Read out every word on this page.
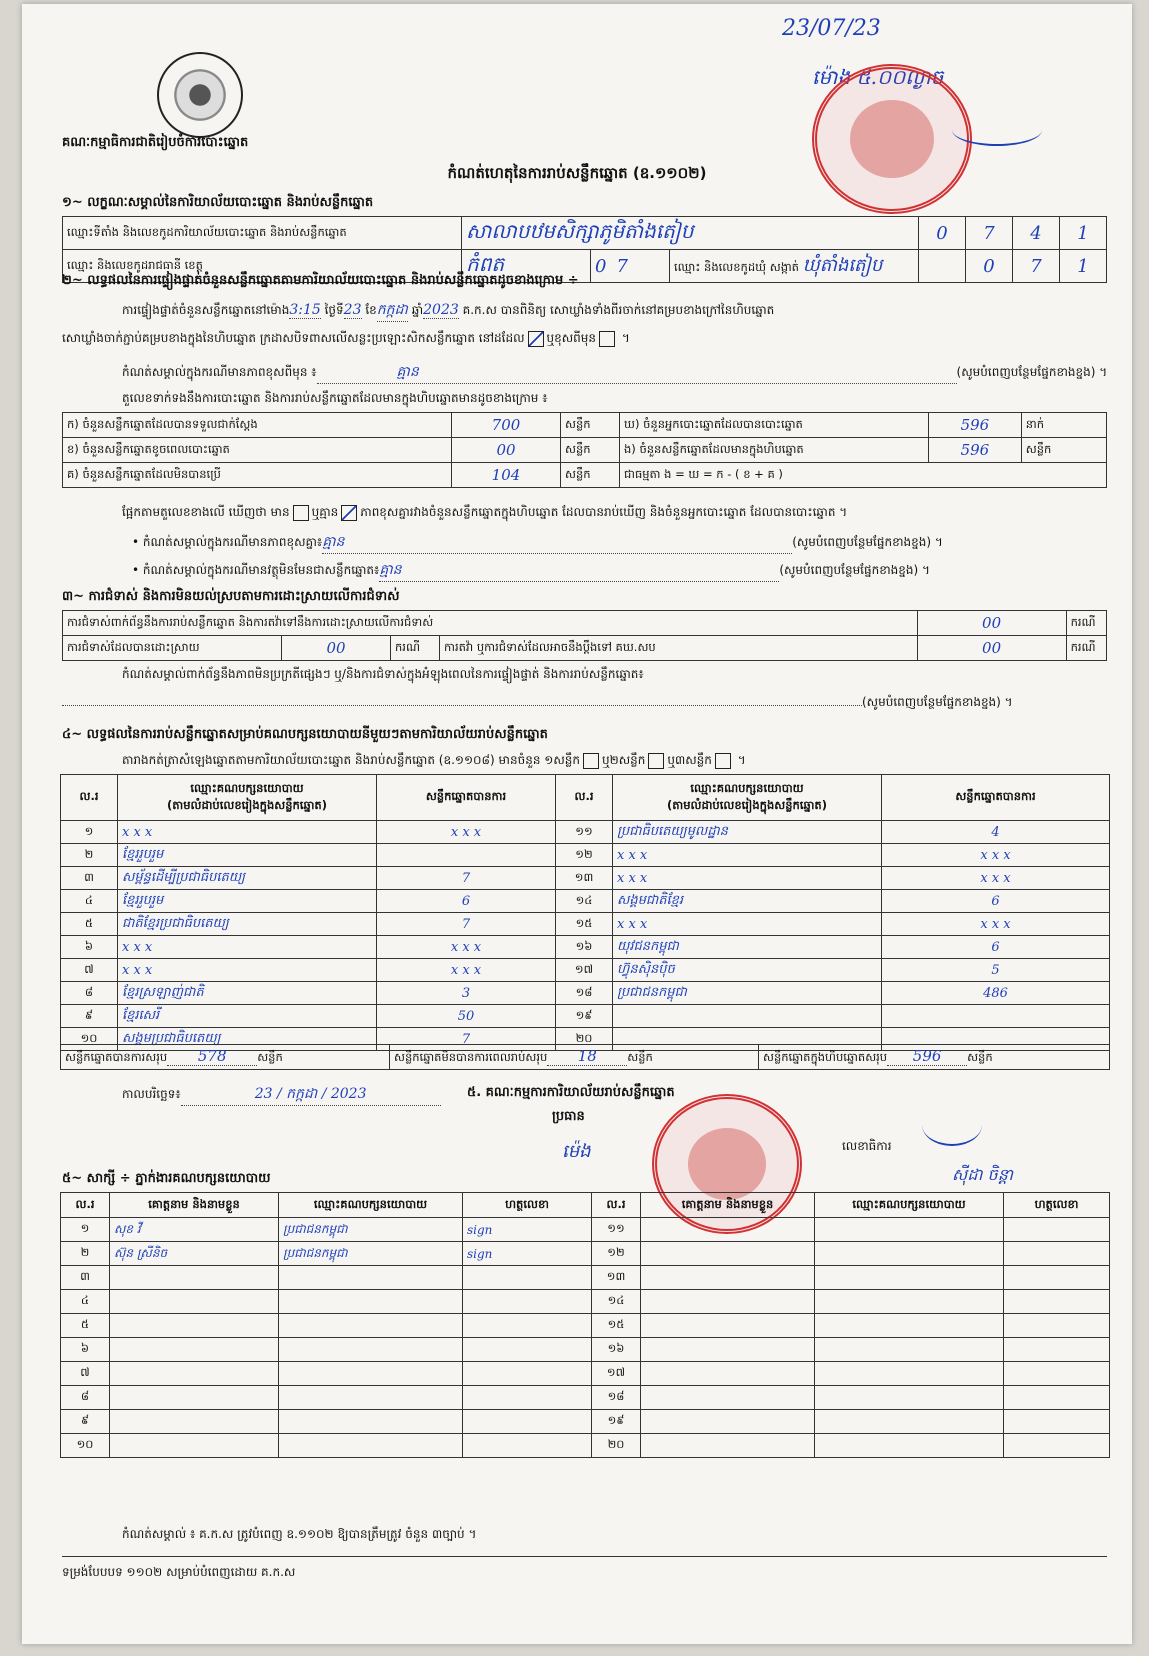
23/07/23
ម៉ោង ៥.០០ល្ងាច
គណៈកម្មាធិការជាតិរៀបចំការបោះឆ្នោត
កំណត់ហេតុនៃការរាប់សន្លឹកឆ្នោត (ឧ.១១០២)
១~ លក្ខណៈសម្គាល់នៃការិយាល័យបោះឆ្នោត និងរាប់សន្លឹកឆ្នោត
ឈ្មោះទីតាំង និងលេខកូដការិយាល័យបោះឆ្នោត និងរាប់សន្លឹកឆ្នោត	សាលាបឋមសិក្សាភូមិតាំងតៀប			0	7	4	1
ឈ្មោះ និងលេខកូដរាជធានី ខេត្ត	កំពត	07	ឈ្មោះ និងលេខកូដឃុំ សង្កាត់ ឃុំតាំងតៀប		0	7	1
២~ លទ្ធផលនៃការផ្ទៀងផ្ទាត់ចំនួនសន្លឹកឆ្នោតតាមការិយាល័យបោះឆ្នោត និងរាប់សន្លឹកឆ្នោតដូចខាងក្រោម ÷
ការផ្ទៀងផ្ទាត់ចំនួនសន្លឹកឆ្នោតនៅម៉ោង3:15 ថ្ងៃទី23 ខែកក្កដា ឆ្នាំ2023 គ.ក.ស បានពិនិត្យ សោឃ្លាំងទាំងពីរចាក់នៅគម្របខាងក្រៅនៃហិបឆ្នោត
សោឃ្លាំងចាក់ភ្ជាប់គម្របខាងក្នុងនៃហិបឆ្នោត ក្រដាសបិទពាសលើសន្លះប្រឡោះសិកសន្លឹកឆ្នោត នៅដដែល ឬខុសពីមុន ។
កំណត់សម្គាល់ក្នុងករណីមានភាពខុសពីមុន ៖	គ្មាន	(សូមបំពេញបន្ថែមផ្នែកខាងខ្នង) ។
តួលេខទាក់ទងនឹងការបោះឆ្នោត និងការរាប់សន្លឹកឆ្នោតដែលមានក្នុងហិបឆ្នោតមានដូចខាងក្រោម ៖
ក) ចំនួនសន្លឹកឆ្នោតដែលបានទទួលជាក់ស្ដែង	700	សន្លឹក	ឃ) ចំនួនអ្នកបោះឆ្នោតដែលបានបោះឆ្នោត	596	នាក់
ខ) ចំនួនសន្លឹកឆ្នោតខូចពេលបោះឆ្នោត	00	សន្លឹក	ង) ចំនួនសន្លឹកឆ្នោតដែលមានក្នុងហិបឆ្នោត	596	សន្លឹក
គ) ចំនួនសន្លឹកឆ្នោតដែលមិនបានប្រើ	104	សន្លឹក	ជាធម្មតា ង = ឃ = ក - ( ខ + គ )		
ផ្អែកតាមតួលេខខាងលើ ឃើញថា មាន ឬគ្មាន ភាពខុសគ្នារវាងចំនួនសន្លឹកឆ្នោតក្នុងហិបឆ្នោត ដែលបានរាប់ឃើញ និងចំនួនអ្នកបោះឆ្នោត ដែលបានបោះឆ្នោត ។
• កំណត់សម្គាល់ក្នុងករណីមានភាពខុសគ្នា៖គ្មាន	(សូមបំពេញបន្ថែមផ្នែកខាងខ្នង) ។
• កំណត់សម្គាល់ក្នុងករណីមានវត្ថុមិនមែនជាសន្លឹកឆ្នោត៖គ្មាន	(សូមបំពេញបន្ថែមផ្នែកខាងខ្នង) ។
៣~ ការជំទាស់ និងការមិនយល់ស្របតាមការដោះស្រាយលើការជំទាស់
ការជំទាស់ពាក់ព័ន្ធនឹងការរាប់សន្លឹកឆ្នោត និងការតវ៉ាទៅនឹងការដោះស្រាយលើការជំទាស់				00	ករណី
ការជំទាស់ដែលបានដោះស្រាយ	00	ករណី	ការតវ៉ា ឬការជំទាស់ដែលអាចនឹងប្ដឹងទៅ គឃ.សប	00	ករណី
កំណត់សម្គាល់ពាក់ព័ន្ធនឹងភាពមិនប្រក្រតីផ្សេងៗ ឬ/និងការជំទាស់ក្នុងអំឡុងពេលនៃការផ្ទៀងផ្ទាត់ និងការរាប់សន្លឹកឆ្នោត៖
(សូមបំពេញបន្ថែមផ្នែកខាងខ្នង) ។
៤~ លទ្ធផលនៃការរាប់សន្លឹកឆ្នោតសម្រាប់គណបក្សនយោបាយនីមួយៗតាមការិយាល័យរាប់សន្លឹកឆ្នោត
តារាងកត់ត្រាសំឡេងឆ្នោតតាមការិយាល័យបោះឆ្នោត និងរាប់សន្លឹកឆ្នោត (ឧ.១១០៨) មានចំនួន ១សន្លឹក ឬ២សន្លឹក ឬ៣សន្លឹក ។
ល.រ	ឈ្មោះគណបក្សនយោបាយ
(តាមលំដាប់លេខរៀងក្នុងសន្លឹកឆ្នោត)	សន្លឹកឆ្នោតបានការ	ល.រ	ឈ្មោះគណបក្សនយោបាយ
(តាមលំដាប់លេខរៀងក្នុងសន្លឹកឆ្នោត)	សន្លឹកឆ្នោតបានការ
១	x x x	x x x	១១	ប្រជាធិបតេយ្យមូលដ្ឋាន	4
២	ខ្មែររួបរួម		១២	x x x	x x x
៣	សម្ព័ន្ធដើម្បីប្រជាធិបតេយ្យ	7	១៣	x x x	x x x
៤	ខ្មែររួបរួម	6	១៤	សង្គមជាតិខ្មែរ	6
៥	ជាតិខ្មែរប្រជាធិបតេយ្យ	7	១៥	x x x	x x x
៦	x x x	x x x	១៦	យុវជនកម្ពុជា	6
៧	x x x	x x x	១៧	ហ៊្វុនស៊ិនប៉ិច	5
៨	ខ្មែរស្រឡាញ់ជាតិ	3	១៨	ប្រជាជនកម្ពុជា	486
៩	ខ្មែរសេរី	50	១៩		
១០	សង្គមប្រជាធិបតេយ្យ	7	២០		
សន្លឹកឆ្នោតបានការសរុប 578	សន្លឹក	សន្លឹកឆ្នោតមិនបានការពេលរាប់សរុប 18	សន្លឹក	សន្លឹកឆ្នោតក្នុងហិបឆ្នោតសរុប 596 សន្លឹក
កាលបរិច្ឆេទ៖	23 / កក្កដា / 2023	៥. គណៈកម្មការការិយាល័យរាប់សន្លឹកឆ្នោត
ប្រធាន
ម៉េង	លេខាធិការ
ស៊ីដា ចិន្តា
៥~ សាក្សី ÷ ភ្នាក់ងារគណបក្សនយោបាយ
ល.រ	គោត្តនាម និងនាមខ្លួន	ឈ្មោះគណបក្សនយោបាយ	ហត្ថលេខា	ល.រ	គោត្តនាម និងនាមខ្លួន	ឈ្មោះគណបក្សនយោបាយ	ហត្ថលេខា
១	សុខ វី	ប្រជាជនកម្ពុជា	sign	១១			
២	ស៊ុន ស្រីនិច	ប្រជាជនកម្ពុជា	sign	១២			
៣				១៣			
៤				១៤			
៥				១៥			
៦				១៦			
៧				១៧			
៨				១៨			
៩				១៩			
១០				២០			
កំណត់សម្គាល់ ៖ គ.ក.ស ត្រូវបំពេញ ឧ.១១០២ ឱ្យបានត្រឹមត្រូវ ចំនួន ៣ច្បាប់ ។
ទម្រង់បែបបទ ១១០២ សម្រាប់បំពេញដោយ គ.ក.ស
